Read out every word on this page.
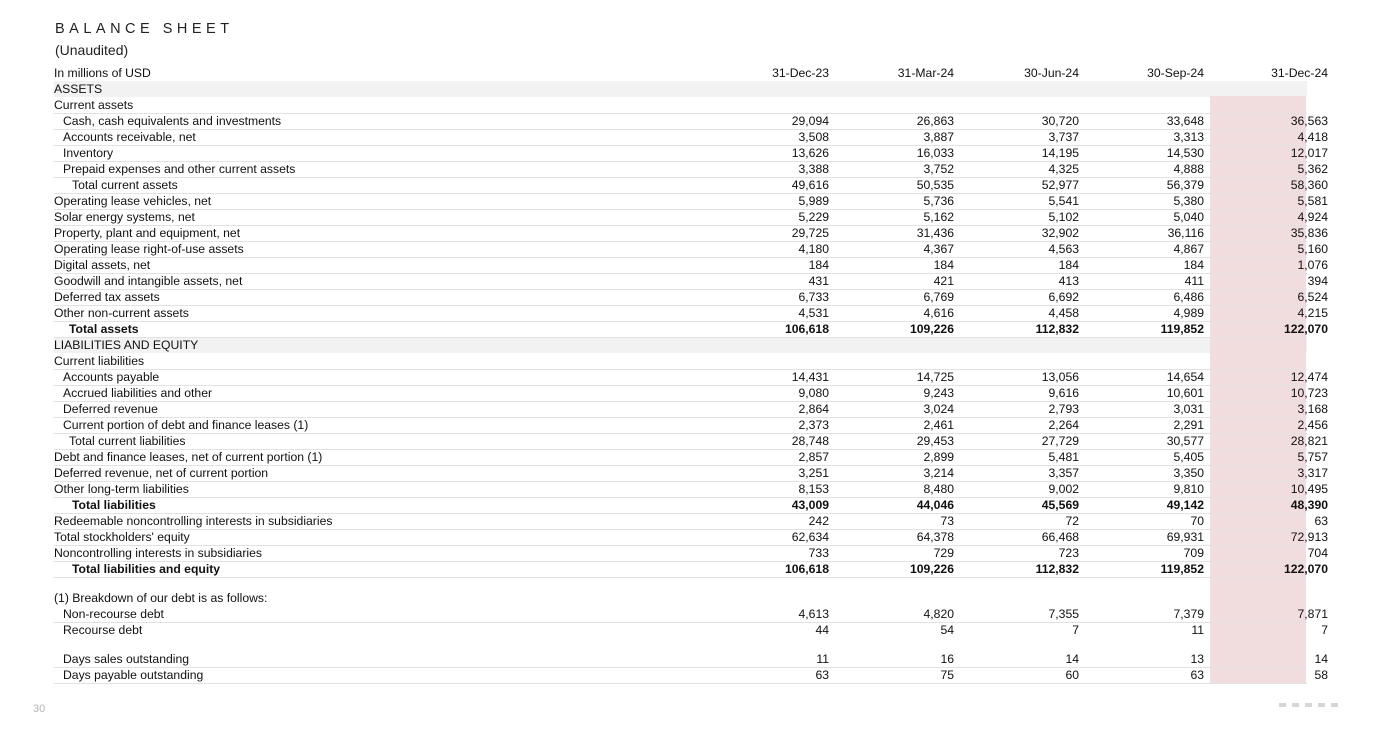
BALANCE SHEET
(Unaudited)
In millions of USD	31-Dec-23	31-Mar-24	30-Jun-24	30-Sep-24	31-Dec-24
ASSETS
Current assets
Cash, cash equivalents and investments	29,094	26,863	30,720	33,648	36,563
Accounts receivable, net	3,508	3,887	3,737	3,313	4,418
Inventory	13,626	16,033	14,195	14,530	12,017
Prepaid expenses and other current assets	3,388	3,752	4,325	4,888	5,362
Total current assets	49,616	50,535	52,977	56,379	58,360
Operating lease vehicles, net	5,989	5,736	5,541	5,380	5,581
Solar energy systems, net	5,229	5,162	5,102	5,040	4,924
Property, plant and equipment, net	29,725	31,436	32,902	36,116	35,836
Operating lease right-of-use assets	4,180	4,367	4,563	4,867	5,160
Digital assets, net	184	184	184	184	1,076
Goodwill and intangible assets, net	431	421	413	411	394
Deferred tax assets	6,733	6,769	6,692	6,486	6,524
Other non-current assets	4,531	4,616	4,458	4,989	4,215
Total assets	106,618	109,226	112,832	119,852	122,070
LIABILITIES AND EQUITY
Current liabilities
Accounts payable	14,431	14,725	13,056	14,654	12,474
Accrued liabilities and other	9,080	9,243	9,616	10,601	10,723
Deferred revenue	2,864	3,024	2,793	3,031	3,168
Current portion of debt and finance leases (1)	2,373	2,461	2,264	2,291	2,456
Total current liabilities	28,748	29,453	27,729	30,577	28,821
Debt and finance leases, net of current portion (1)	2,857	2,899	5,481	5,405	5,757
Deferred revenue, net of current portion	3,251	3,214	3,357	3,350	3,317
Other long-term liabilities	8,153	8,480	9,002	9,810	10,495
Total liabilities	43,009	44,046	45,569	49,142	48,390
Redeemable noncontrolling interests in subsidiaries	242	73	72	70	63
Total stockholders' equity	62,634	64,378	66,468	69,931	72,913
Noncontrolling interests in subsidiaries	733	729	723	709	704
Total liabilities and equity	106,618	109,226	112,832	119,852	122,070
(1) Breakdown of our debt is as follows:
Non-recourse debt	4,613	4,820	7,355	7,379	7,871
Recourse debt	44	54	7	11	7
Days sales outstanding	11	16	14	13	14
Days payable outstanding	63	75	60	63	58
30
